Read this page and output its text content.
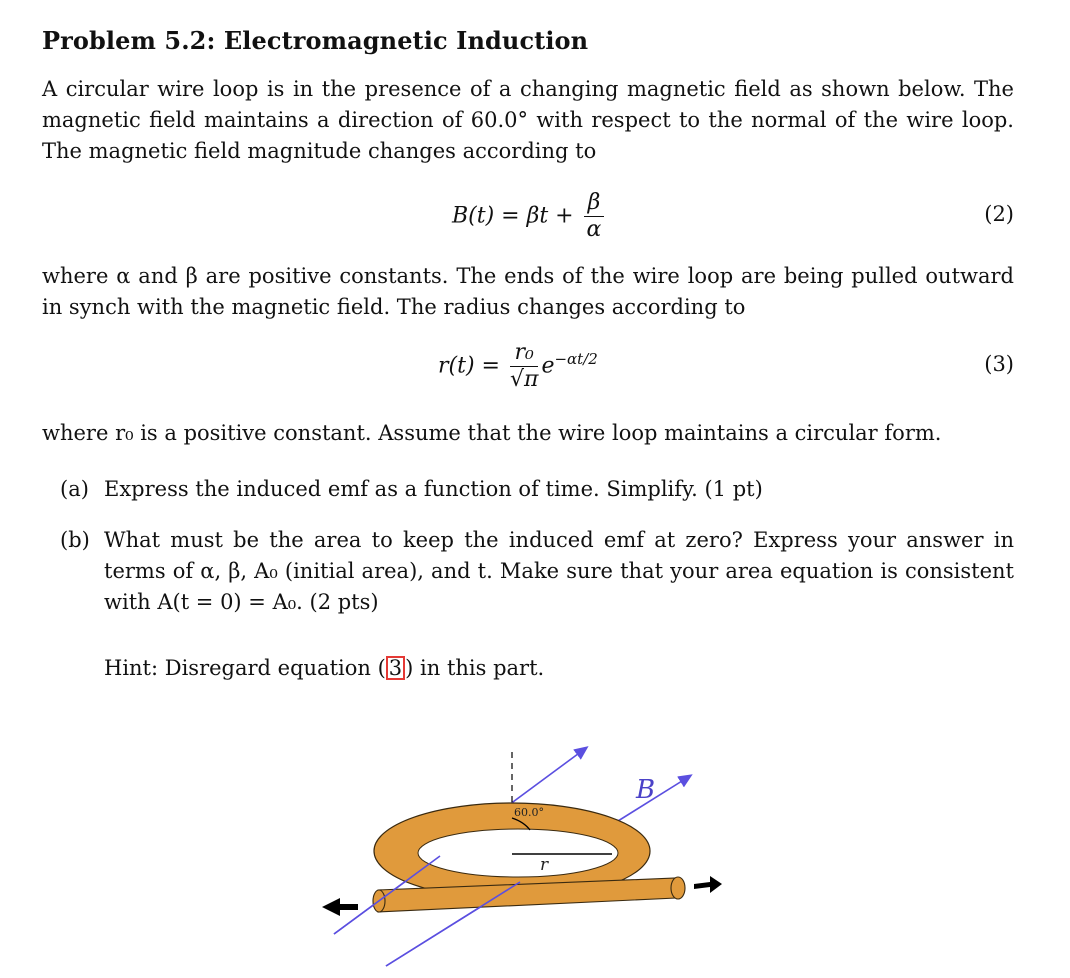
Problem 5.2: Electromagnetic Induction
A circular wire loop is in the presence of a changing magnetic field as shown below. The magnetic field maintains a direction of 60.0° with respect to the normal of the wire loop. The magnetic field magnitude changes according to
$B(t) = \beta t + \frac{\beta}{\alpha}$	(2)
where α and β are positive constants. The ends of the wire loop are being pulled outward in synch with the magnetic field. The radius changes according to
$r(t) = \frac{\text{r₀}}{√\pi} e^{-\alpha t/2}$	(3)
where r₀ is a positive constant. Assume that the wire loop maintains a circular form.
(a) Express the induced emf as a function of time. Simplify. (1 pt)
(b) What must be the area to keep the induced emf at zero? Express your answer in terms of α, β, A₀ (initial area), and t. Make sure that your area equation is consistent with A(t = 0) = A₀. (2 pts)
Hint: Disregard equation ( 3 ) in this part.
r
60.0°
B
